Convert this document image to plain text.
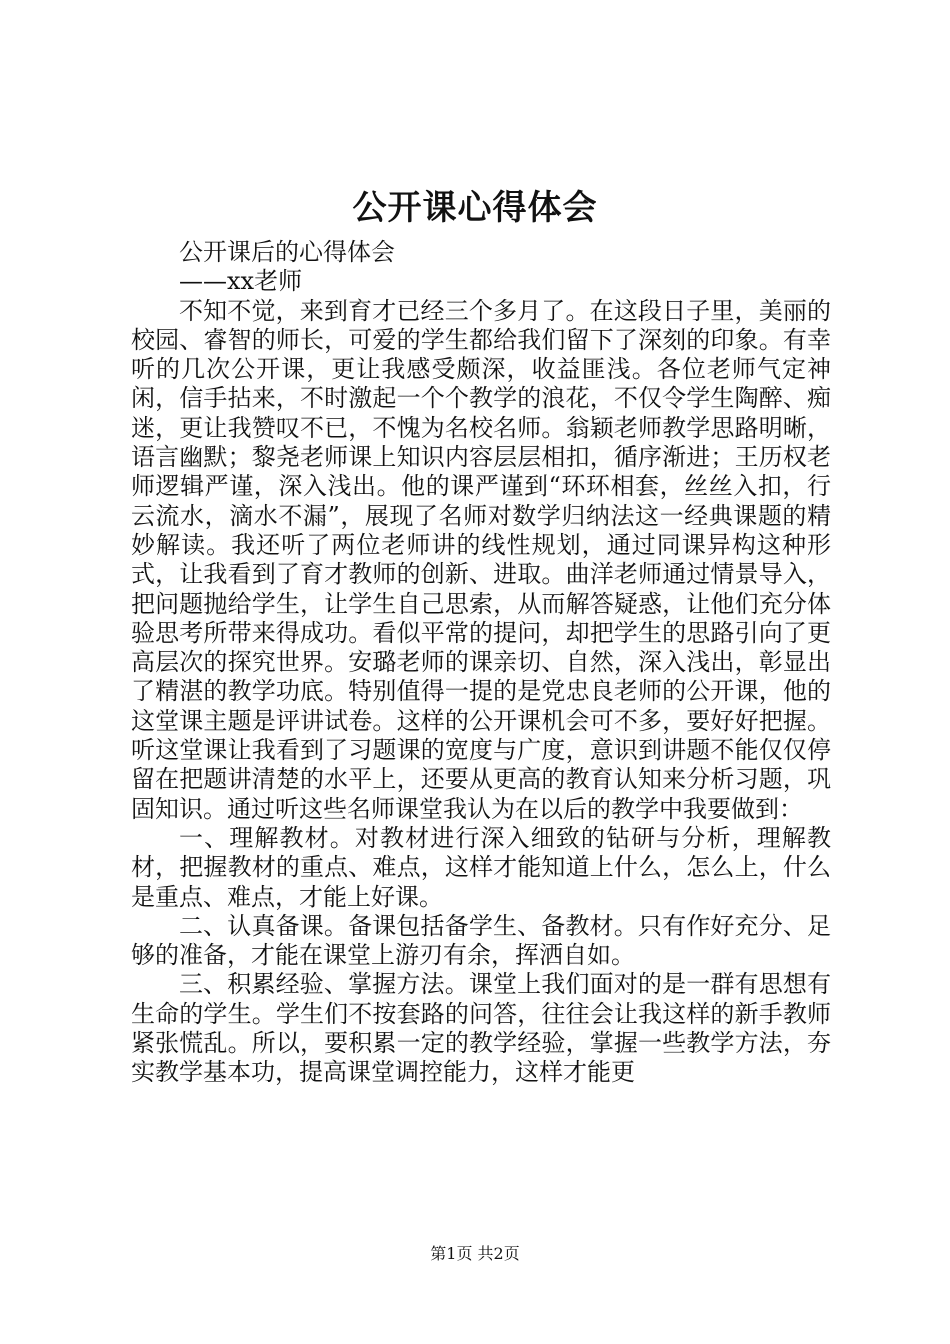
公开课心得体会

公开课后的心得体会

——xx老师

不知不觉，来到育才已经三个多月了。在这段日子里，美丽的校园、睿智的师长，可爱的学生都给我们留下了深刻的印象。有幸听的几次公开课，更让我感受颇深，收益匪浅。各位老师气定神闲，信手拈来，不时激起一个个教学的浪花，不仅令学生陶醉、痴迷，更让我赞叹不已，不愧为名校名师。翁颖老师教学思路明晰，语言幽默；黎尧老师课上知识内容层层相扣，循序渐进；王历权老师逻辑严谨，深入浅出。他的课严谨到“环环相套，丝丝入扣，行云流水，滴水不漏”，展现了名师对数学归纳法这一经典课题的精妙解读。我还听了两位老师讲的线性规划，通过同课异构这种形式，让我看到了育才教师的创新、进取。曲洋老师通过情景导入，把问题抛给学生，让学生自己思索，从而解答疑惑，让他们充分体验思考所带来得成功。看似平常的提问，却把学生的思路引向了更高层次的探究世界。安璐老师的课亲切、自然，深入浅出，彰显出了精湛的教学功底。特别值得一提的是党忠良老师的公开课，他的这堂课主题是评讲试卷。这样的公开课机会可不多，要好好把握。听这堂课让我看到了习题课的宽度与广度，意识到讲题不能仅仅停留在把题讲清楚的水平上，还要从更高的教育认知来分析习题，巩固知识。通过听这些名师课堂我认为在以后的教学中我要做到：

一、理解教材。对教材进行深入细致的钻研与分析，理解教材，把握教材的重点、难点，这样才能知道上什么，怎么上，什么是重点、难点，才能上好课。

二、认真备课。备课包括备学生、备教材。只有作好充分、足够的准备，才能在课堂上游刃有余，挥洒自如。

三、积累经验、掌握方法。课堂上我们面对的是一群有思想有生命的学生。学生们不按套路的问答，往往会让我这样的新手教师紧张慌乱。所以，要积累一定的教学经验，掌握一些教学方法，夯实教学基本功，提高课堂调控能力，这样才能更

第1页 共2页
